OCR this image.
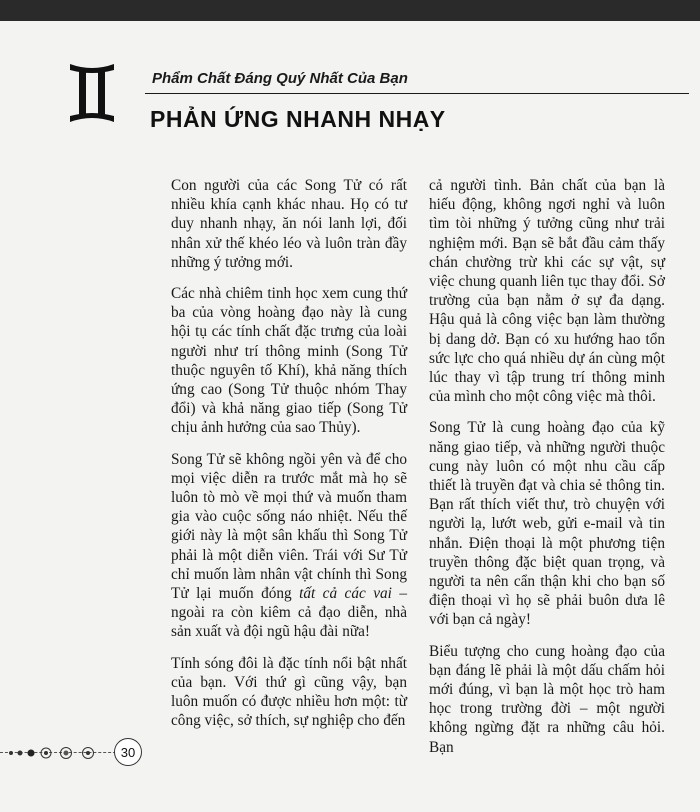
Phẩm Chất Đáng Quý Nhất Của Bạn
PHẢN ỨNG NHANH NHẠY

Con người của các Song Tử có rất nhiều khía cạnh khác nhau. Họ có tư duy nhanh nhạy, ăn nói lanh lợi, đối nhân xử thế khéo léo và luôn tràn đầy những ý tưởng mới.

Các nhà chiêm tinh học xem cung thứ ba của vòng hoàng đạo này là cung hội tụ các tính chất đặc trưng của loài người như trí thông minh (Song Tử thuộc nguyên tố Khí), khả năng thích ứng cao (Song Tử thuộc nhóm Thay đổi) và khả năng giao tiếp (Song Tử chịu ảnh hưởng của sao Thủy).

Song Tử sẽ không ngồi yên và để cho mọi việc diễn ra trước mắt mà họ sẽ luôn tò mò về mọi thứ và muốn tham gia vào cuộc sống náo nhiệt. Nếu thế giới này là một sân khấu thì Song Tử phải là một diễn viên. Trái với Sư Tử chỉ muốn làm nhân vật chính thì Song Tử lại muốn đóng tất cả các vai – ngoài ra còn kiêm cả đạo diễn, nhà sản xuất và đội ngũ hậu đài nữa!

Tính sóng đôi là đặc tính nổi bật nhất của bạn. Với thứ gì cũng vậy, bạn luôn muốn có được nhiều hơn một: từ công việc, sở thích, sự nghiệp cho đến

cả người tình. Bản chất của bạn là hiếu động, không ngơi nghỉ và luôn tìm tòi những ý tưởng cũng như trải nghiệm mới. Bạn sẽ bắt đầu cảm thấy chán chường trừ khi các sự vật, sự việc chung quanh liên tục thay đổi. Sở trường của bạn nằm ở sự đa dạng. Hậu quả là công việc bạn làm thường bị dang dở. Bạn có xu hướng hao tổn sức lực cho quá nhiều dự án cùng một lúc thay vì tập trung trí thông minh của mình cho một công việc mà thôi.

Song Tử là cung hoàng đạo của kỹ năng giao tiếp, và những người thuộc cung này luôn có một nhu cầu cấp thiết là truyền đạt và chia sẻ thông tin. Bạn rất thích viết thư, trò chuyện với người lạ, lướt web, gửi e-mail và tin nhắn. Điện thoại là một phương tiện truyền thông đặc biệt quan trọng, và người ta nên cẩn thận khi cho bạn số điện thoại vì họ sẽ phải buôn dưa lê với bạn cả ngày!

Biểu tượng cho cung hoàng đạo của bạn đáng lẽ phải là một dấu chấm hỏi mới đúng, vì bạn là một học trò ham học trong trường đời – một người không ngừng đặt ra những câu hỏi. Bạn

30
